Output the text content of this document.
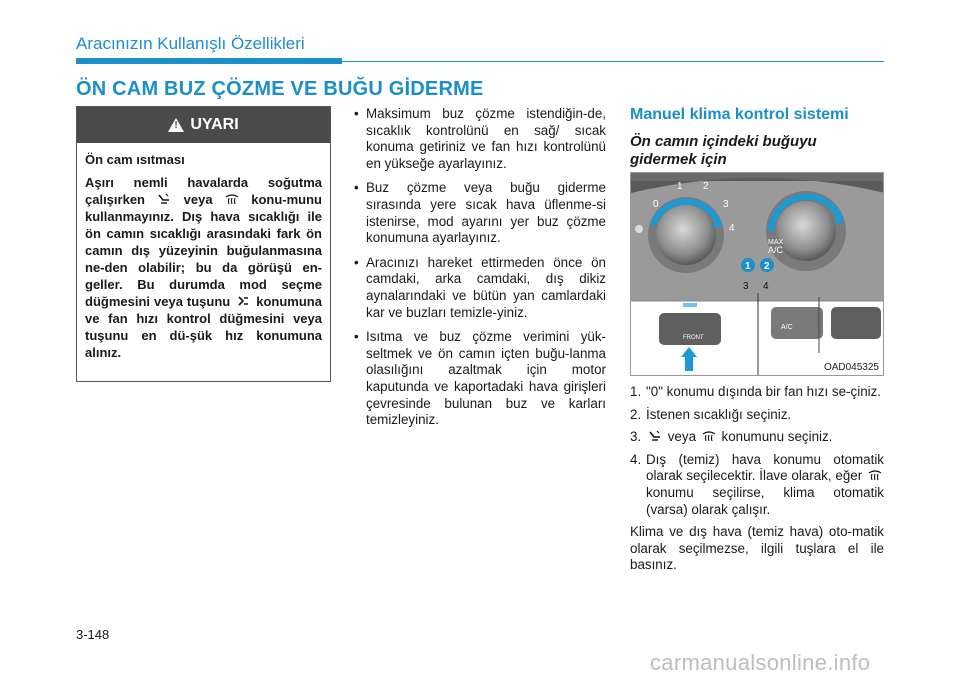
Aracınızın Kullanışlı Özellikleri
ÖN CAM BUZ ÇÖZME VE BUĞU GİDERME
!
UYARI
Ön cam ısıtması
Aşırı nemli havalarda soğutma çalışırken	veya	konu-munu kullanmayınız. Dış hava sıcaklığı ile ön camın sıcaklığı arasındaki fark ön camın dış yüzeyinin buğulanmasına ne-den olabilir; bu da görüşü en-geller. Bu durumda mod seçme düğmesini veya tuşunu konumuna ve fan hızı kontrol düğmesini veya tuşunu en dü-şük hız konumuna alınız.
• Maksimum buz çözme istendiğin-de, sıcaklık kontrolünü en sağ/ sıcak konuma getiriniz ve fan hızı kontrolünü en yükseğe ayarlayınız.
• Buz çözme veya buğu giderme sırasında yere sıcak hava üflenme-si istenirse, mod ayarını yer buz çözme konumuna ayarlayınız.
• Aracınızı hareket ettirmeden önce ön camdaki, arka camdaki, dış dikiz aynalarındaki ve bütün yan camlardaki kar ve buzları temizle-yiniz.
• Isıtma ve buz çözme verimini yük-seltmek ve ön camın içten buğu-lanma olasılığını azaltmak için motor kaputunda ve kaportadaki hava girişleri çevresinde bulunan buz ve karları temizleyiniz.
Manuel klima kontrol sistemi
Ön camın içindeki buğuyu gidermek için
0
1 2
3
4
MAX
A/C
1 2
3 4
FRONT
A/C
OAD045325
1. "0" konumu dışında bir fan hızı se-çiniz.
2. İstenen sıcaklığı seçiniz.
3. veya konumunu seçiniz.
4. Dış (temiz) hava konumu otomatik olarak seçilecektir. İlave olarak, eğer  konumu seçilirse, klima otomatik (varsa) olarak çalışır.
Klima ve dış hava (temiz hava) oto-matik olarak seçilmezse, ilgili tuşlara el ile basınız.
3-148
carmanualsonline.info
